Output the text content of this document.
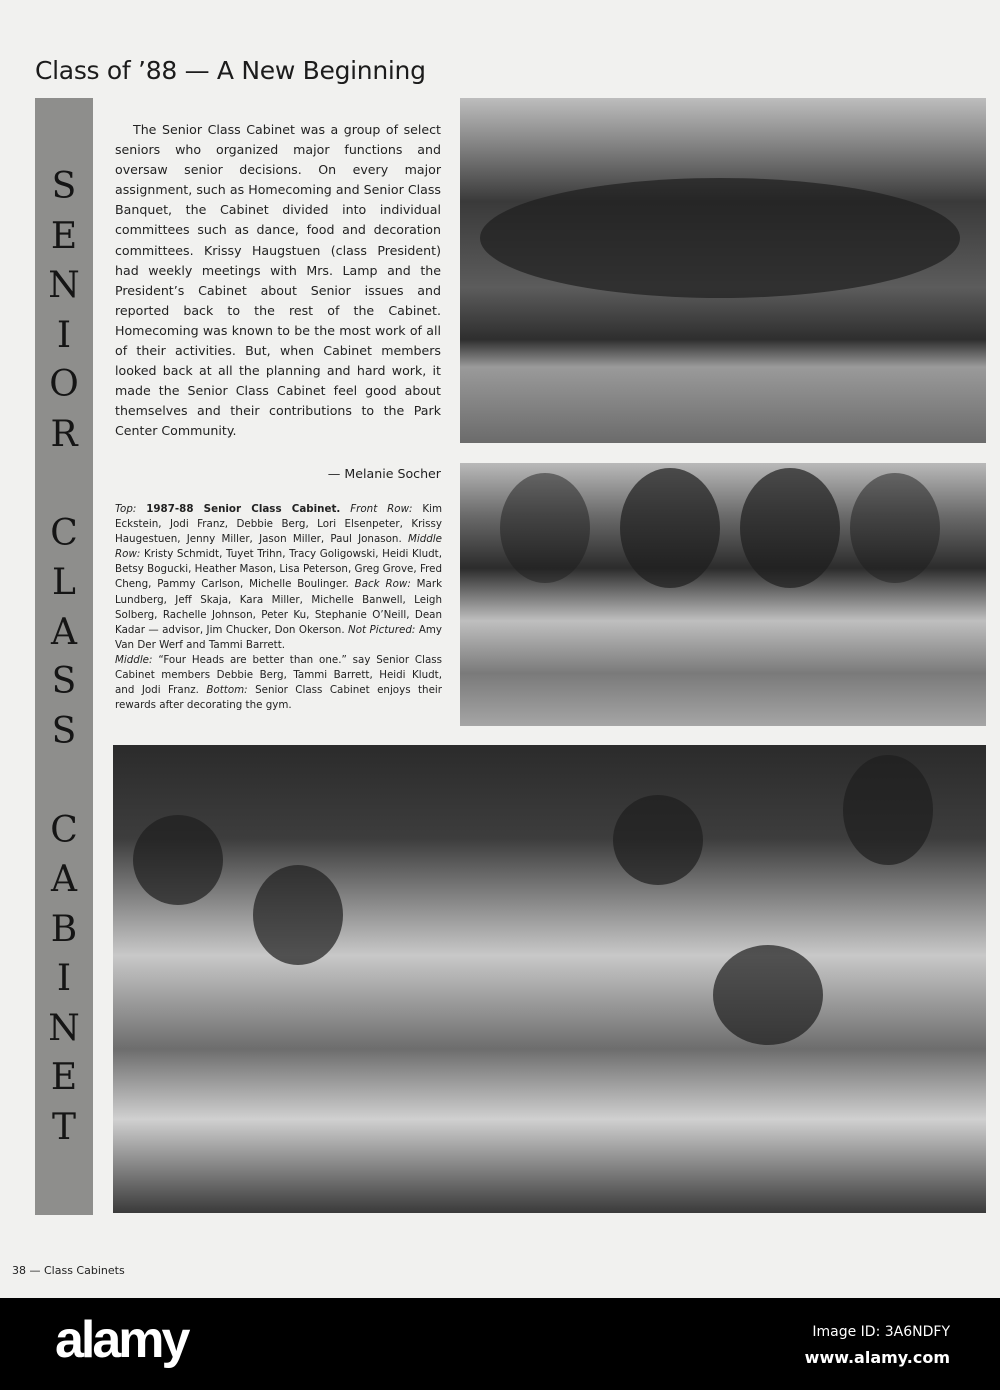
Class of ’88 — A New Beginning
S
E
N
I
O
R

C
L
A
S
S

C
A
B
I
N
E
T

The Senior Class Cabinet was a group of select seniors who organized major functions and oversaw senior decisions. On every major assignment, such as Homecoming and Senior Class Banquet, the Cabinet divided into individual committees such as dance, food and decoration committees. Krissy Haugstuen (class President) had weekly meetings with Mrs. Lamp and the President’s Cabinet about Senior issues and reported back to the rest of the Cabinet. Homecoming was known to be the most work of all of their activities. But, when Cabinet members looked back at all the planning and hard work, it made the Senior Class Cabinet feel good about themselves and their contributions to the Park Center Community.

— Melanie Socher
Top: 1987-88 Senior Class Cabinet. Front Row: Kim Eckstein, Jodi Franz, Debbie Berg, Lori Elsenpeter, Krissy Haugestuen, Jenny Miller, Jason Miller, Paul Jonason. Middle Row: Kristy Schmidt, Tuyet Trihn, Tracy Goligowski, Heidi Kludt, Betsy Bogucki, Heather Mason, Lisa Peterson, Greg Grove, Fred Cheng, Pammy Carlson, Michelle Boulinger. Back Row: Mark Lundberg, Jeff Skaja, Kara Miller, Michelle Banwell, Leigh Solberg, Rachelle Johnson, Peter Ku, Stephanie O’Neill, Dean Kadar — advisor, Jim Chucker, Don Okerson. Not Pictured: Amy Van Der Werf and Tammi Barrett.
Middle: “Four Heads are better than one.” say Senior Class Cabinet members Debbie Berg, Tammi Barrett, Heidi Kludt, and Jodi Franz. Bottom: Senior Class Cabinet enjoys their rewards after decorating the gym.
38 — Class Cabinets
alamy	Image ID: 3A6NDFY
www.alamy.com
